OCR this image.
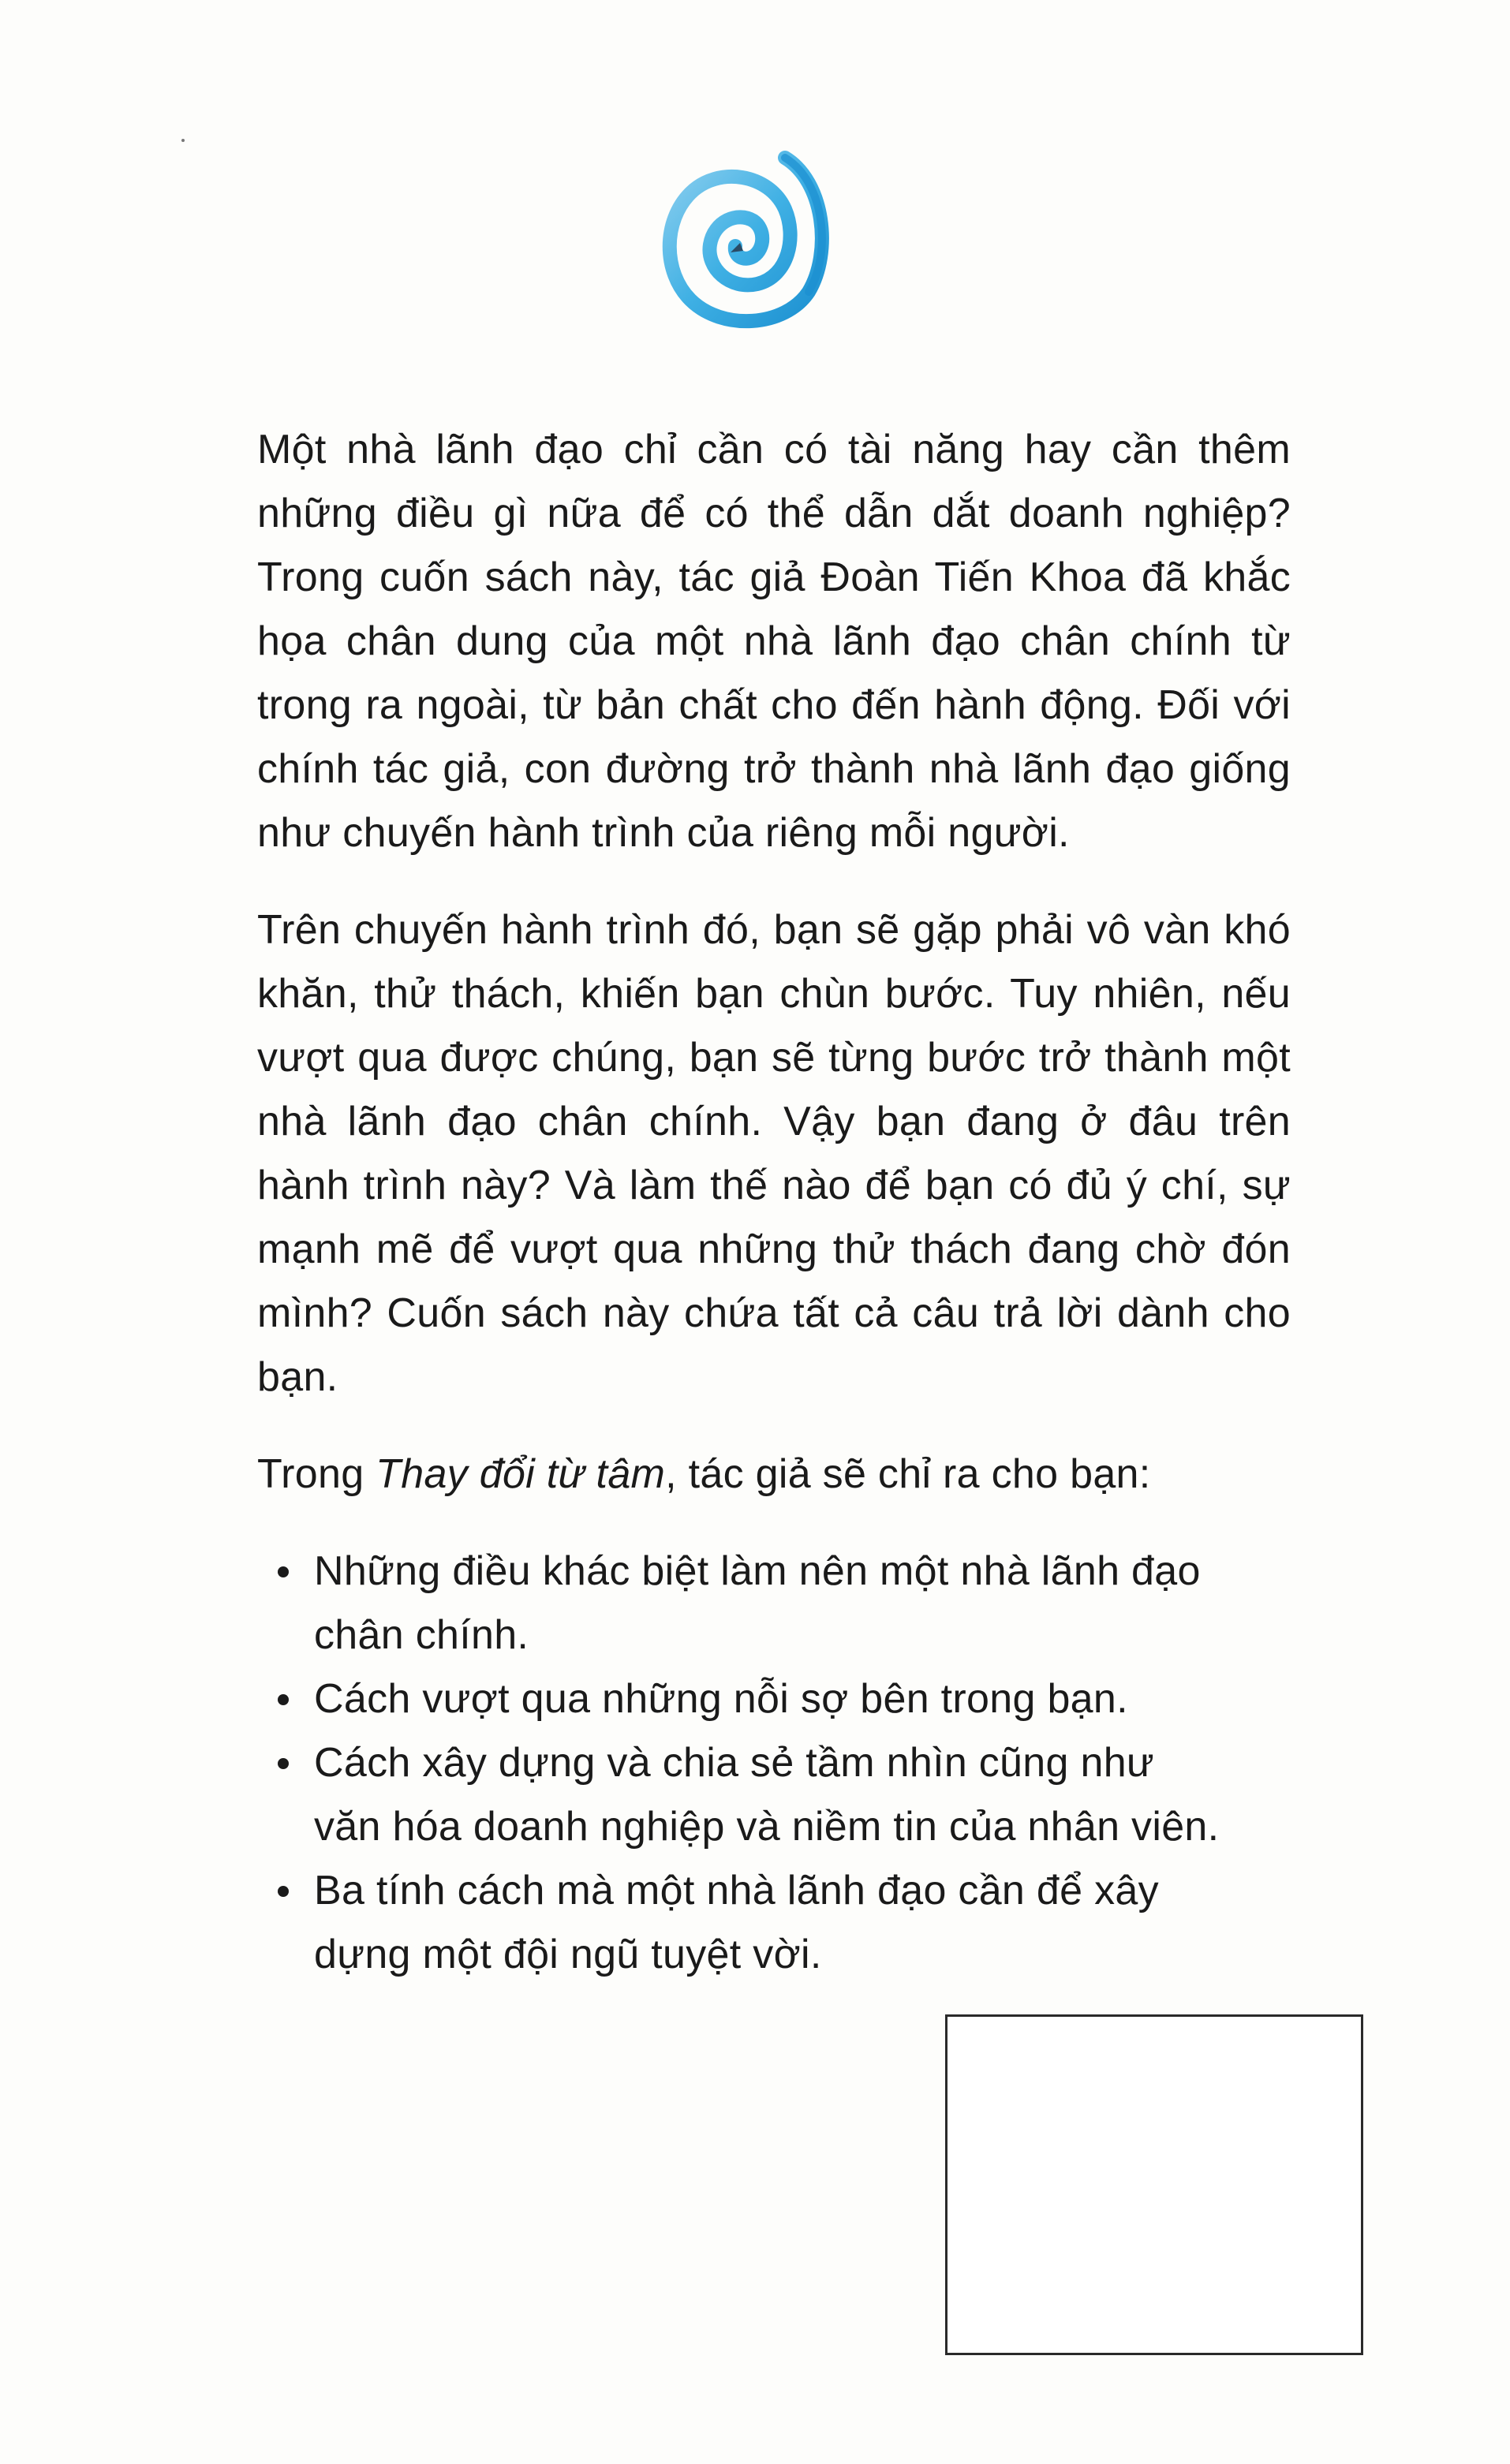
Một nhà lãnh đạo chỉ cần có tài năng hay cần thêm những điều gì nữa để có thể dẫn dắt doanh nghiệp? Trong cuốn sách này, tác giả Đoàn Tiến Khoa đã khắc họa chân dung của một nhà lãnh đạo chân chính từ trong ra ngoài, từ bản chất cho đến hành động. Đối với chính tác giả, con đường trở thành nhà lãnh đạo giống như chuyến hành trình của riêng mỗi người.

Trên chuyến hành trình đó, bạn sẽ gặp phải vô vàn khó khăn, thử thách, khiến bạn chùn bước. Tuy nhiên, nếu vượt qua được chúng, bạn sẽ từng bước trở thành một nhà lãnh đạo chân chính. Vậy bạn đang ở đâu trên hành trình này? Và làm thế nào để bạn có đủ ý chí, sự mạnh mẽ để vượt qua những thử thách đang chờ đón mình? Cuốn sách này chứa tất cả câu trả lời dành cho bạn.

Trong Thay đổi từ tâm, tác giả sẽ chỉ ra cho bạn:

Những điều khác biệt làm nên một nhà lãnh đạo chân chính.
Cách vượt qua những nỗi sợ bên trong bạn.
Cách xây dựng và chia sẻ tầm nhìn cũng như văn hóa doanh nghiệp và niềm tin của nhân viên.
Ba tính cách mà một nhà lãnh đạo cần để xây dựng một đội ngũ tuyệt vời.
